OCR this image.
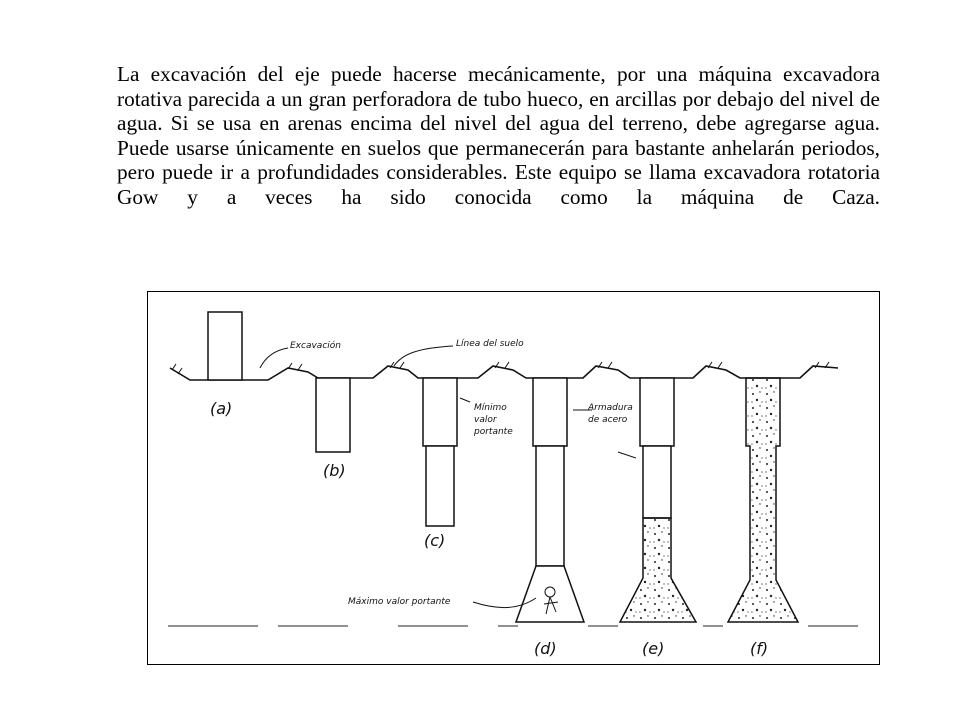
La excavación del eje puede hacerse mecánicamente, por una máquina excavadora rotativa parecida a un gran perforadora de tubo hueco, en arcillas por debajo del nivel de agua. Si se usa en arenas encima del nivel del agua del terreno, debe agregarse agua. Puede usarse únicamente en suelos que permanecerán para bastante anhelarán periodos, pero puede ir a profundidades considerables. Este equipo se llama excavadora rotatoria Gow y a veces ha sido conocida como la máquina de Caza.

Excavación	Línea del suelo
Mínimo
valor
portante
Armadura
de acero
Máximo valor portante
(a)
(b)
(c)
(d)	(e)	(f)
